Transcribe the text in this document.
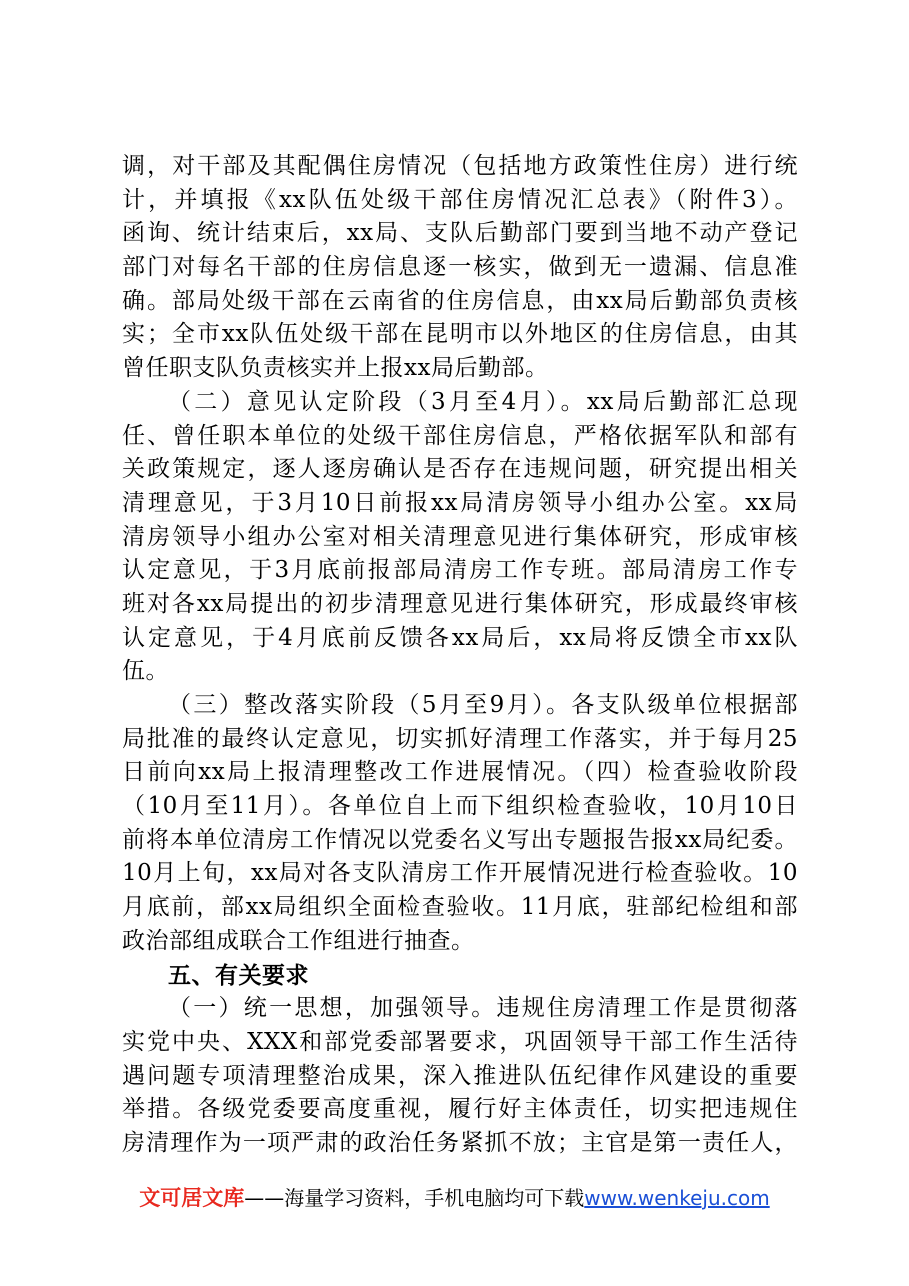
调，对干部及其配偶住房情况（包括地方政策性住房）进行统
计，并填报《xx队伍处级干部住房情况汇总表》（附件3）。
函询、统计结束后，xx局、支队后勤部门要到当地不动产登记
部门对每名干部的住房信息逐一核实，做到无一遗漏、信息准
确。部局处级干部在云南省的住房信息，由xx局后勤部负责核
实；全市xx队伍处级干部在昆明市以外地区的住房信息，由其
曾任职支队负责核实并上报xx局后勤部。
（二）意见认定阶段（3月至4月）。xx局后勤部汇总现
任、曾任职本单位的处级干部住房信息，严格依据军队和部有
关政策规定，逐人逐房确认是否存在违规问题，研究提出相关
清理意见，于3月10日前报xx局清房领导小组办公室。xx局
清房领导小组办公室对相关清理意见进行集体研究，形成审核
认定意见，于3月底前报部局清房工作专班。部局清房工作专
班对各xx局提出的初步清理意见进行集体研究，形成最终审核
认定意见，于4月底前反馈各xx局后，xx局将反馈全市xx队
伍。
（三）整改落实阶段（5月至9月）。各支队级单位根据部
局批准的最终认定意见，切实抓好清理工作落实，并于每月25
日前向xx局上报清理整改工作进展情况。（四）检查验收阶段
（10月至11月）。各单位自上而下组织检查验收，10月10日
前将本单位清房工作情况以党委名义写出专题报告报xx局纪委。
10月上旬，xx局对各支队清房工作开展情况进行检查验收。10
月底前，部xx局组织全面检查验收。11月底，驻部纪检组和部
政治部组成联合工作组进行抽查。
五、有关要求
（一）统一思想，加强领导。违规住房清理工作是贯彻落
实党中央、XXX和部党委部署要求，巩固领导干部工作生活待
遇问题专项清理整治成果，深入推进队伍纪律作风建设的重要
举措。各级党委要高度重视，履行好主体责任，切实把违规住
房清理作为一项严肃的政治任务紧抓不放；主官是第一责任人，
文可居文库——海量学习资料，手机电脑均可下载www.wenkeju.com
